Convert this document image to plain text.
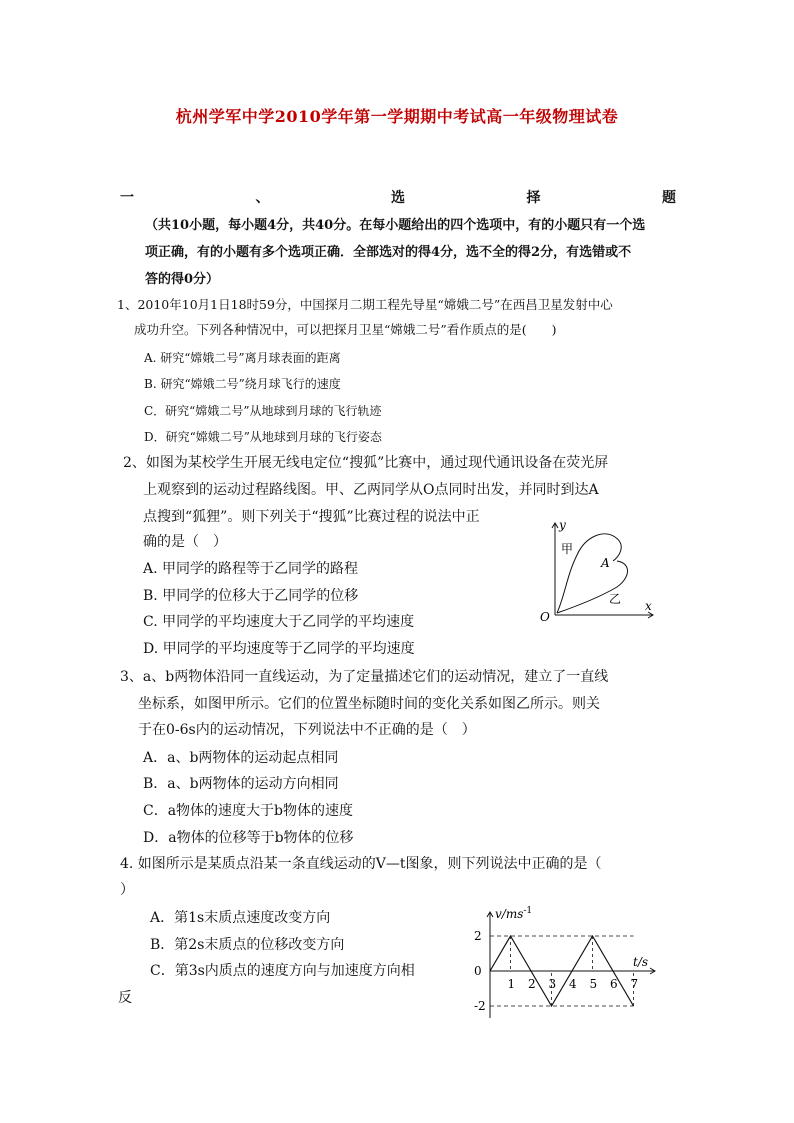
杭州学军中学2010学年第一学期期中考试高一年级物理试卷
一	、	选	择	题
（共10小题，每小题4分，共40分。在每小题给出的四个选项中，有的小题只有一个选
项正确，有的小题有多个选项正确．全部选对的得4分，选不全的得2分，有选错或不
答的得0分）
1、2010年10月1日18时59分，中国探月二期工程先导星“嫦娥二号”在西昌卫星发射中心
成功升空。下列各种情况中，可以把探月卫星“嫦娥二号”看作质点的是(　　)
A. 研究“嫦娥二号”离月球表面的距离
B. 研究“嫦娥二号”绕月球飞行的速度
C．研究“嫦娥二号”从地球到月球的飞行轨迹
D．研究“嫦娥二号”从地球到月球的飞行姿态
2、如图为某校学生开展无线电定位“搜狐”比赛中，通过现代通讯设备在荧光屏
上观察到的运动过程路线图。甲、乙两同学从O点同时出发，并同时到达A
点搜到“狐狸”。则下列关于“搜狐”比赛过程的说法中正
确的是（　）
A. 甲同学的路程等于乙同学的路程
B. 甲同学的位移大于乙同学的位移
C. 甲同学的平均速度大于乙同学的平均速度
D. 甲同学的平均速度等于乙同学的平均速度
y
x
O
甲
乙
A
3、a、b两物体沿同一直线运动，为了定量描述它们的运动情况，建立了一直线
坐标系，如图甲所示。它们的位置坐标随时间的变化关系如图乙所示。则关
于在0-6s内的运动情况，下列说法中不正确的是（　）
A．a、b两物体的运动起点相同
B．a、b两物体的运动方向相同
C．a物体的速度大于b物体的速度
D．a物体的位移等于b物体的位移
4. 如图所示是某质点沿某一条直线运动的V—t图象，则下列说法中正确的是（
）
A．第1s末质点速度改变方向
B．第2s末质点的位移改变方向
C．第3s内质点的速度方向与加速度方向相
反
$v/ms^{-1}$
t/s
1 2 3 4 5 6 7
2
0
-2
